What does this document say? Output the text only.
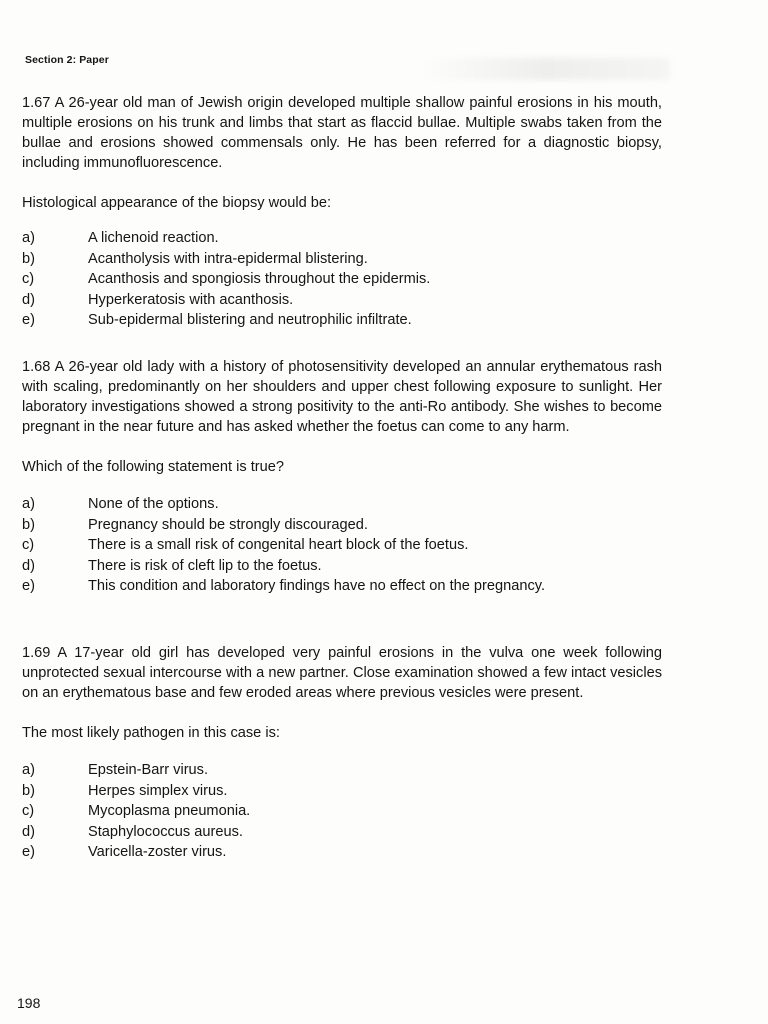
Section 2: Paper

1.67 A 26-year old man of Jewish origin developed multiple shallow painful erosions in his mouth, multiple erosions on his trunk and limbs that start as flaccid bullae. Multiple swabs taken from the bullae and erosions showed commensals only. He has been referred for a diagnostic biopsy, including immunofluorescence.

Histological appearance of the biopsy would be:

a)	A lichenoid reaction.
b)	Acantholysis with intra-epidermal blistering.
c)	Acanthosis and spongiosis throughout the epidermis.
d)	Hyperkeratosis with acanthosis.
e)	Sub-epidermal blistering and neutrophilic infiltrate.

1.68 A 26-year old lady with a history of photosensitivity developed an annular erythematous rash with scaling, predominantly on her shoulders and upper chest following exposure to sunlight. Her laboratory investigations showed a strong positivity to the anti-Ro antibody. She wishes to become pregnant in the near future and has asked whether the foetus can come to any harm.

Which of the following statement is true?

a)	None of the options.
b)	Pregnancy should be strongly discouraged.
c)	There is a small risk of congenital heart block of the foetus.
d)	There is risk of cleft lip to the foetus.
e)	This condition and laboratory findings have no effect on the pregnancy.

1.69 A 17-year old girl has developed very painful erosions in the vulva one week following unprotected sexual intercourse with a new partner. Close examination showed a few intact vesicles on an erythematous base and few eroded areas where previous vesicles were present.

The most likely pathogen in this case is:

a)	Epstein-Barr virus.
b)	Herpes simplex virus.
c)	Mycoplasma pneumonia.
d)	Staphylococcus aureus.
e)	Varicella-zoster virus.
198
